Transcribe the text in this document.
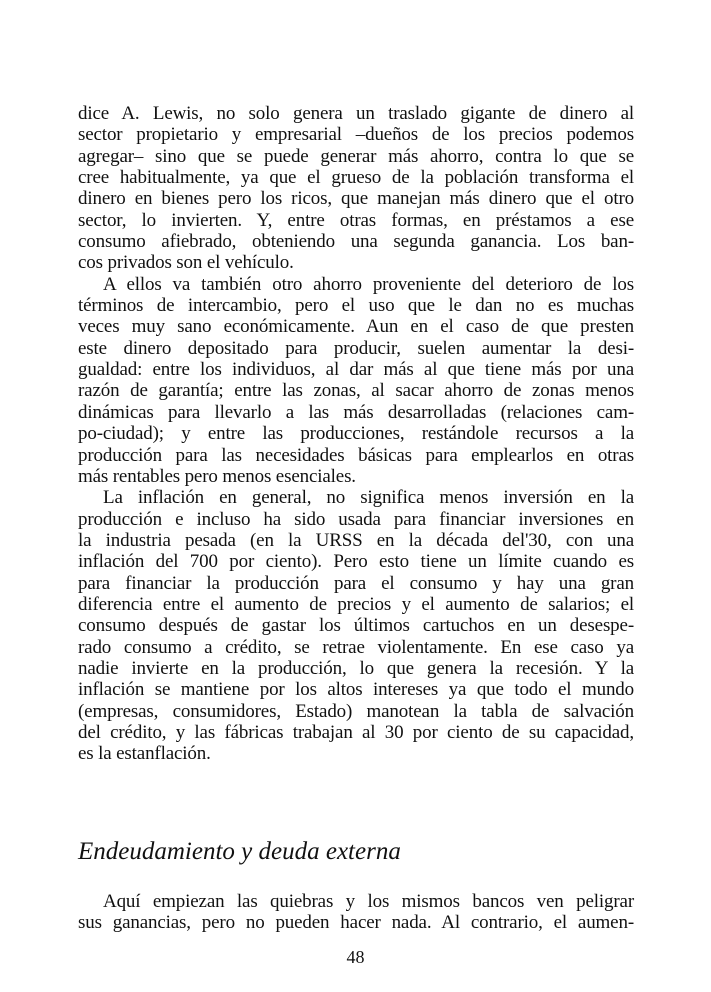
dice A. Lewis, no solo genera un traslado gigante de dinero al
sector propietario y empresarial –dueños de los precios podemos
agregar– sino que se puede generar más ahorro, contra lo que se
cree habitualmente, ya que el grueso de la población transforma el
dinero en bienes pero los ricos, que manejan más dinero que el otro
sector, lo invierten. Y, entre otras formas, en préstamos a ese
consumo afiebrado, obteniendo una segunda ganancia. Los ban-
cos privados son el vehículo.
A ellos va también otro ahorro proveniente del deterioro de los
términos de intercambio, pero el uso que le dan no es muchas
veces muy sano económicamente. Aun en el caso de que presten
este dinero depositado para producir, suelen aumentar la desi-
gualdad: entre los individuos, al dar más al que tiene más por una
razón de garantía; entre las zonas, al sacar ahorro de zonas menos
dinámicas para llevarlo a las más desarrolladas (relaciones cam-
po-ciudad); y entre las producciones, restándole recursos a la
producción para las necesidades básicas para emplearlos en otras
más rentables pero menos esenciales.
La inflación en general, no significa menos inversión en la
producción e incluso ha sido usada para financiar inversiones en
la industria pesada (en la URSS en la década del'30, con una
inflación del 700 por ciento). Pero esto tiene un límite cuando es
para financiar la producción para el consumo y hay una gran
diferencia entre el aumento de precios y el aumento de salarios; el
consumo después de gastar los últimos cartuchos en un desespe-
rado consumo a crédito, se retrae violentamente. En ese caso ya
nadie invierte en la producción, lo que genera la recesión. Y la
inflación se mantiene por los altos intereses ya que todo el mundo
(empresas, consumidores, Estado) manotean la tabla de salvación
del crédito, y las fábricas trabajan al 30 por ciento de su capacidad,
es la estanflación.
Endeudamiento y deuda externa
Aquí empiezan las quiebras y los mismos bancos ven peligrar
sus ganancias, pero no pueden hacer nada. Al contrario, el aumen-
48
